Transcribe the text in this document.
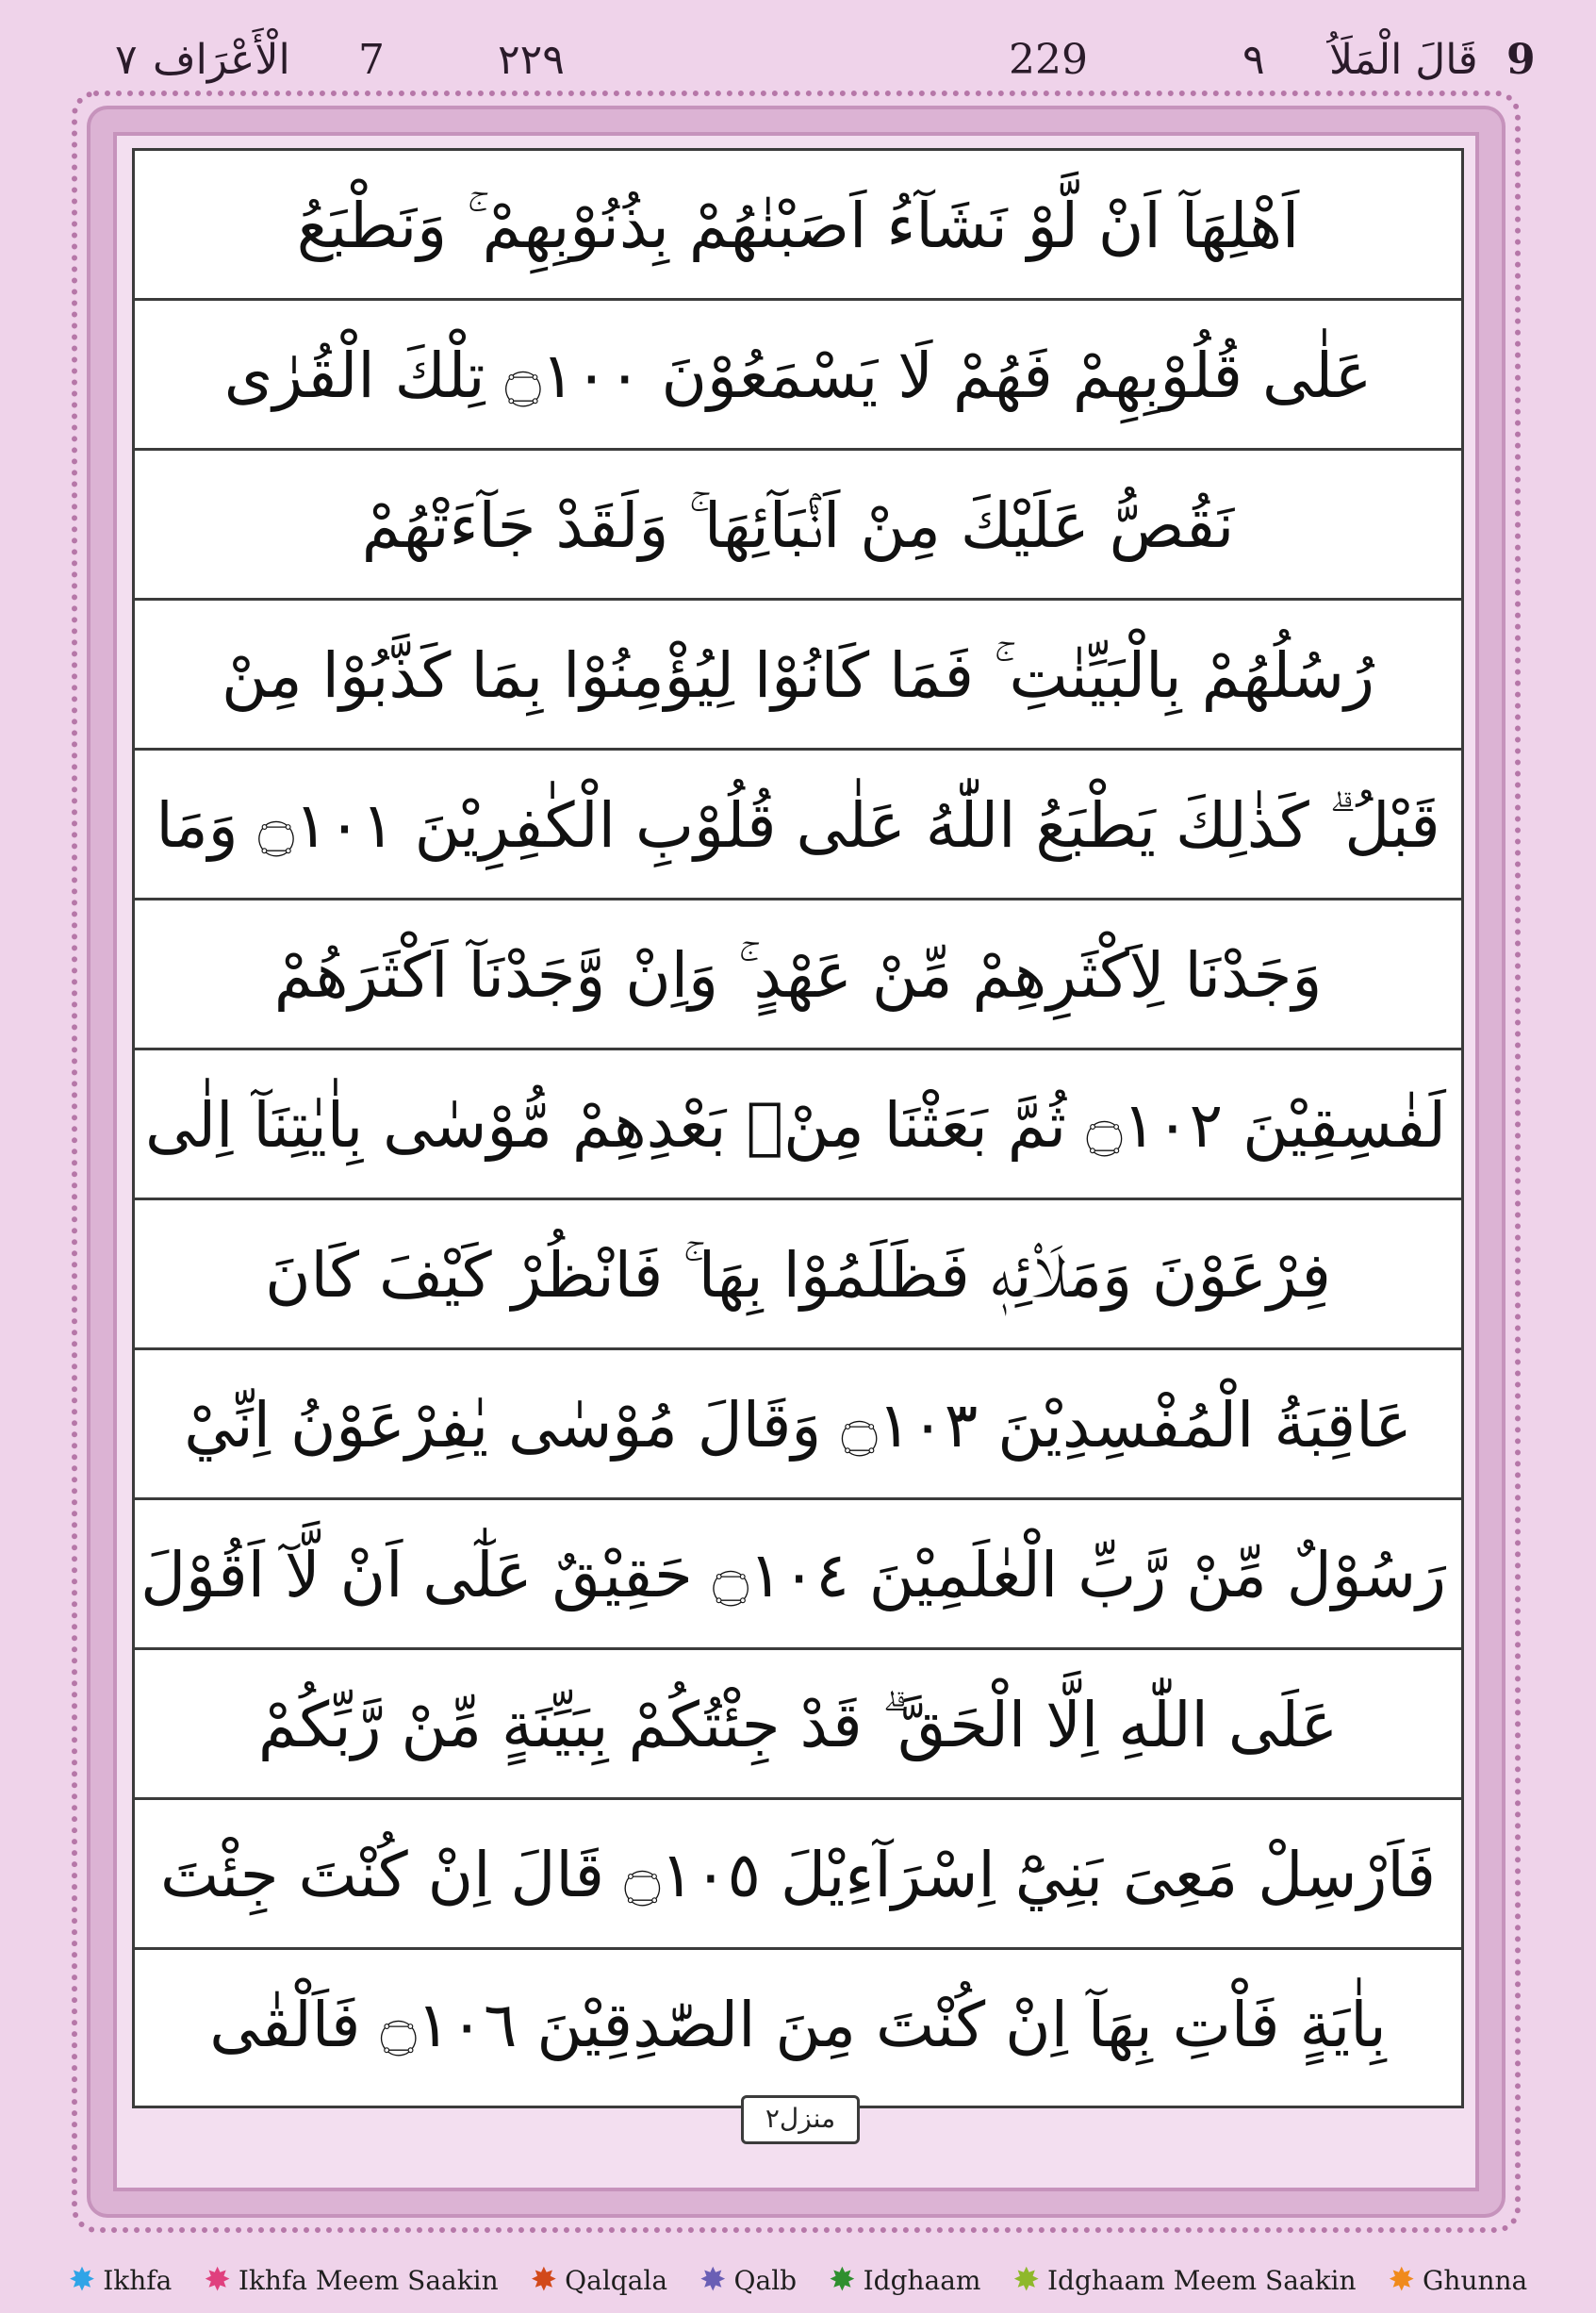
9
قَالَ الْمَلَاُ
٩
229
٢٢٩
7
الْأَعْرَاف
٧
اَهْلِهَآ اَنْ لَّوْ نَشَآءُ اَصَبْنٰهُمْ بِذُنُوْبِهِمْ ۚ وَنَطْبَعُ
عَلٰى قُلُوْبِهِمْ فَهُمْ لَا يَسْمَعُوْنَ ۝١٠٠ تِلْكَ الْقُرٰى
نَقُصُّ عَلَيْكَ مِنْ اَنْۢبَآئِهَا ۚ وَلَقَدْ جَآءَتْهُمْ
رُسُلُهُمْ بِالْبَيِّنٰتِ ۚ فَمَا كَانُوْا لِيُؤْمِنُوْا بِمَا كَذَّبُوْا مِنْ
قَبْلُ ۗ كَذٰلِكَ يَطْبَعُ اللّٰهُ عَلٰى قُلُوْبِ الْكٰفِرِيْنَ ۝١٠١ وَمَا
وَجَدْنَا لِاَكْثَرِهِمْ مِّنْ عَهْدٍ ۚ وَاِنْ وَّجَدْنَآ اَكْثَرَهُمْ
لَفٰسِقِيْنَ ۝١٠٢ ثُمَّ بَعَثْنَا مِنْۢ بَعْدِهِمْ مُّوْسٰى بِاٰيٰتِنَآ اِلٰى
فِرْعَوْنَ وَمَلَا۟ئِهٖ فَظَلَمُوْا بِهَا ۚ فَانْظُرْ كَيْفَ كَانَ
عَاقِبَةُ الْمُفْسِدِيْنَ ۝١٠٣ وَقَالَ مُوْسٰى يٰفِرْعَوْنُ اِنِّيْ
رَسُوْلٌ مِّنْ رَّبِّ الْعٰلَمِيْنَ ۝١٠٤ حَقِيْقٌ عَلٰٓى اَنْ لَّآ اَقُوْلَ
عَلَى اللّٰهِ اِلَّا الْحَقَّ ۗ قَدْ جِئْتُكُمْ بِبَيِّنَةٍ مِّنْ رَّبِّكُمْ
فَاَرْسِلْ مَعِىَ بَنِيْٓ اِسْرَآءِيْلَ ۝١٠٥ قَالَ اِنْ كُنْتَ جِئْتَ
بِاٰيَةٍ فَاْتِ بِهَآ اِنْ كُنْتَ مِنَ الصّٰدِقِيْنَ ۝١٠٦ فَاَلْقٰى
منزل٢
✸ Ikhfa ✸ Ikhfa Meem Saakin ✸ Qalqala ✸ Qalb ✸ Idghaam ✸ Idghaam Meem Saakin ✸ Ghunna
